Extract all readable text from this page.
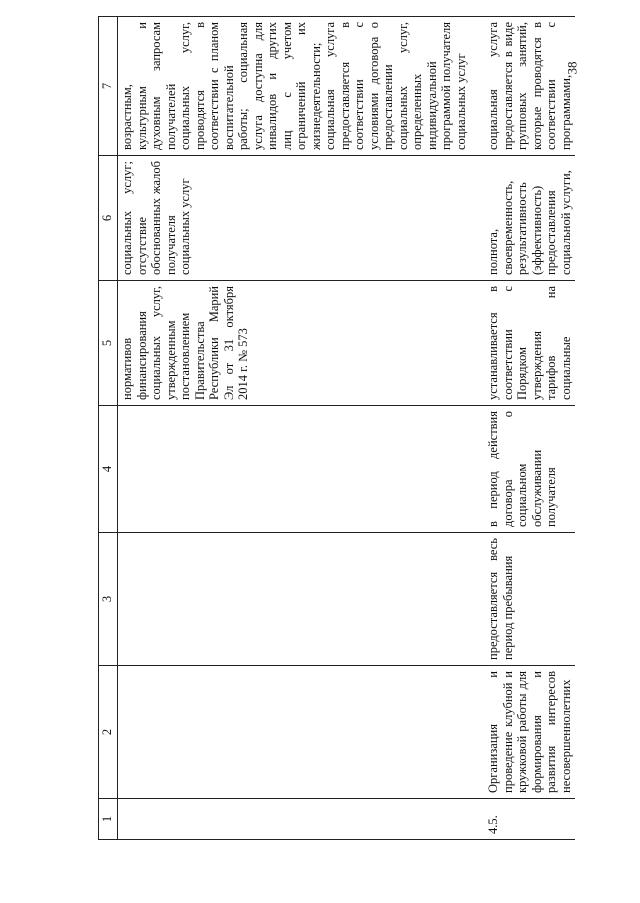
38
1	2	3	4	5	6	7
				нормативов финансирования социальных услуг, утвержденным постановлением Правительства Республики Марий Эл от 31 октября 2014 г. № 573	социальных услуг; отсутствие обоснованных жалоб получателя социальных услуг	возрастным, культурным и духовным запросам получателей социальных услуг, проводятся в соответствии с планом воспитательной работы; социальная услуга доступна для инвалидов и других лиц с учетом ограничений их жизнедеятельности; социальная услуга предоставляется в соответствии с условиями договора о предоставлении социальных услуг, определенных индивидуальной программой получателя социальных услуг
4.5.	Организация и проведение клубной и кружковой работы для формирования и развития интересов несовершеннолетних	предоставляется весь период пребывания	в период действия договора о социальном обслуживании получателя	устанавливается в соответствии с Порядком утверждения тарифов на социальные	полнота, своевременность, результативность (эффективность) предоставления социальной услуги,	социальная услуга предоставляется в виде групповых занятий, которые проводятся в соответствии с программами,
